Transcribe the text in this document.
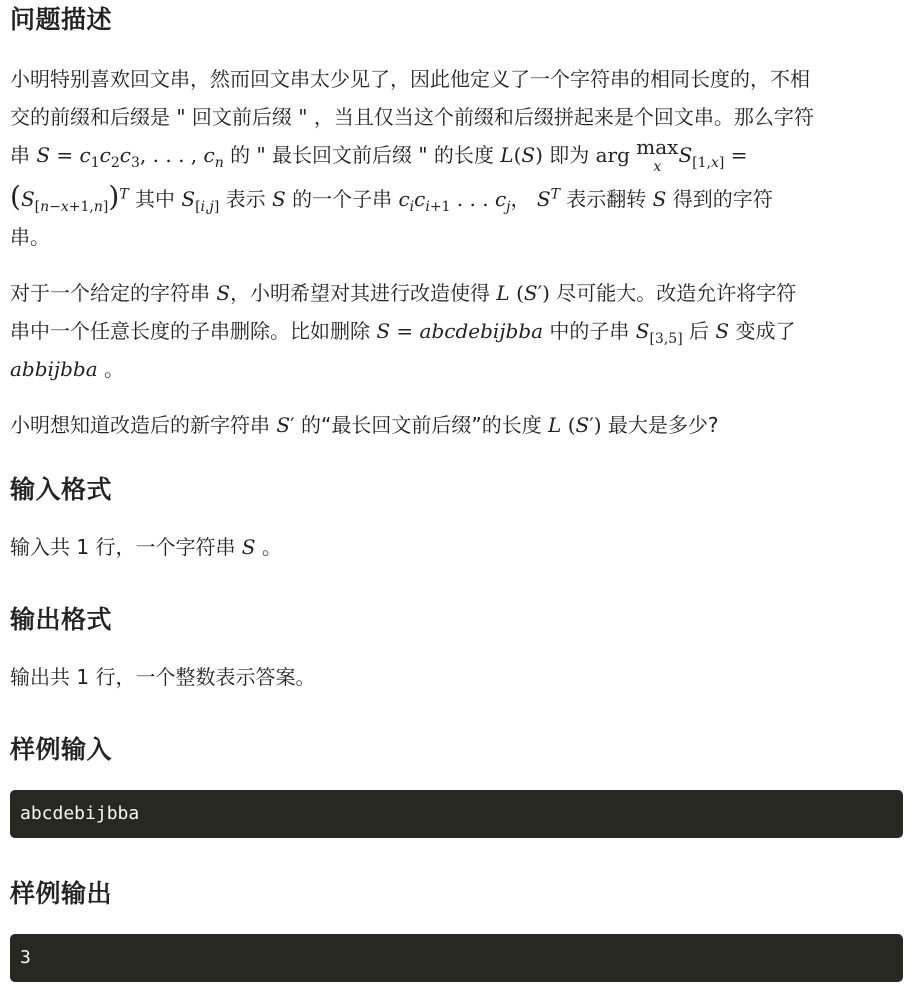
问题描述

小明特别喜欢回文串，然而回文串太少见了，因此他定义了一个字符串的相同长度的，不相
交的前缀和后缀是 " 回文前后缀 " ，当且仅当这个前缀和后缀拼起来是个回文串。那么字符
串 $S = c_1c_2c_3$, . . . , $c_n$ 的 " 最长回文前后缀 " 的长度 L(S) 即为 arg max
x $S_{[1,x]}$ =
$(S_{[n-x+1,n]})^T$ 其中 $S_{[i,j]}$ 表示 S 的一个子串 $c_ic_{i+1}$ . . . $c_j$， $S^T$ 表示翻转 S 得到的字符
串。

对于一个给定的字符串 S，小明希望对其进行改造使得 L (S′) 尽可能大。改造允许将字符
串中一个任意长度的子串删除。比如删除 S = abcdebijbba 中的子串 $S_{[3,5]}$ 后 S 变成了
abbijbba 。

小明想知道改造后的新字符串 S′ 的“最长回文前后缀”的长度 L (S′) 最大是多少?

输入格式

输入共 1 行，一个字符串 S 。

输出格式

输出共 1 行，一个整数表示答案。

样例输入
abcdebijbba
样例输出
3
